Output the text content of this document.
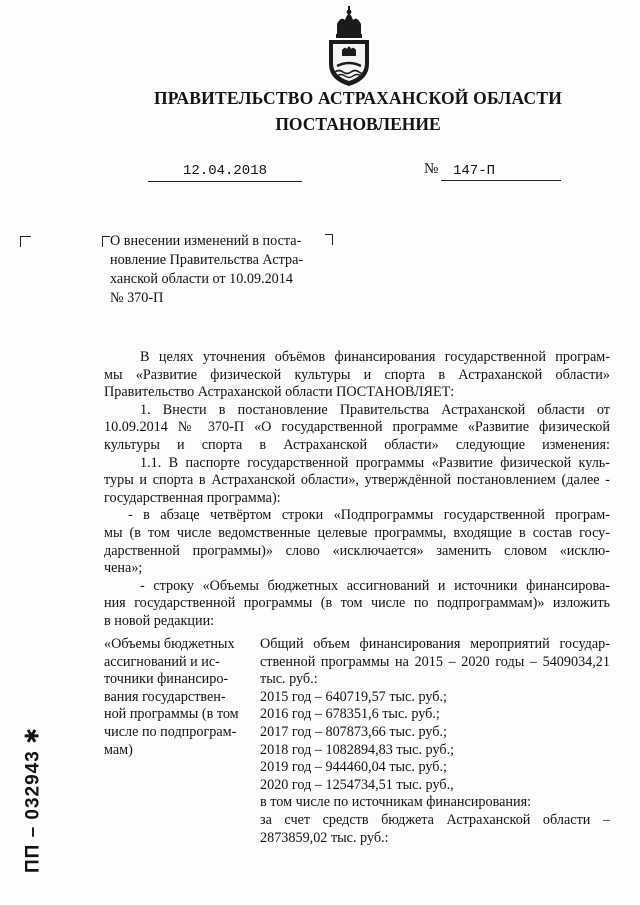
ПРАВИТЕЛЬСТВО АСТРАХАНСКОЙ ОБЛАСТИ
ПОСТАНОВЛЕНИЕ
12.04.2018	№	147-П
О внесении изменений в поста-
новление Правительства Астра-
ханской области от 10.09.2014
№ 370-П
В целях уточнения объёмов финансирования государственной програм-
мы «Развитие физической культуры и спорта в Астраханской области»
Правительство Астраханской области ПОСТАНОВЛЯЕТ:
1. Внести в постановление Правительства Астраханской области от
10.09.2014 № 370-П «О государственной программе «Развитие физической
культуры и спорта в Астраханской области» следующие изменения:
1.1. В паспорте государственной программы «Развитие физической куль-
туры и спорта в Астраханской области», утверждённой постановлением (далее -
государственная программа):
- в абзаце четвёртом строки «Подпрограммы государственной програм-
мы (в том числе ведомственные целевые программы, входящие в состав госу-
дарственной программы)» слово «исключается» заменить словом «исклю-
чена»;
- строку «Объемы бюджетных ассигнований и источники финансирова-
ния государственной программы (в том числе по подпрограммам)» изложить
в новой редакции:
«Объемы бюджетных
ассигнований и ис-
точники финансиро-
вания государствен-
ной программы (в том
числе по подпрограм-
мам)
Общий объем финансирования мероприятий государ-
ственной программы на 2015 – 2020 годы – 5409034,21
тыс. руб.:
2015 год – 640719,57 тыс. руб.;
2016 год – 678351,6 тыс. руб.;
2017 год – 807873,66 тыс. руб.;
2018 год – 1082894,83 тыс. руб.;
2019 год – 944460,04 тыс. руб.;
2020 год – 1254734,51 тыс. руб.,
в том числе по источникам финансирования:
за счет средств бюджета Астраханской области –
2873859,02 тыс. руб.:
ПП – 032943 ✱
